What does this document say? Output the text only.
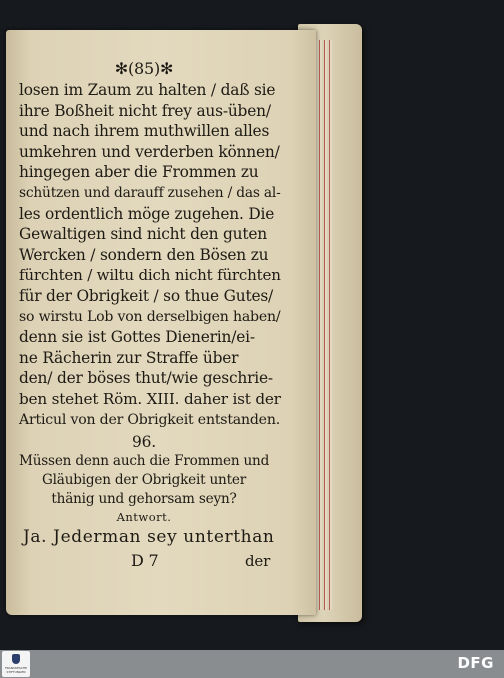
✻(85)✻
losen im Zaum zu halten / daß sie
ihre Boßheit nicht frey aus-üben/
und nach ihrem muthwillen alles
umkehren und verderben können/
hingegen aber die Frommen zu
schützen und darauff zusehen / das al-
les ordentlich möge zugehen. Die
Gewaltigen sind nicht den guten
Wercken / sondern den Bösen zu
fürchten / wiltu dich nicht fürchten
für der Obrigkeit / so thue Gutes/
so wirstu Lob von derselbigen haben/
denn sie ist Gottes Dienerin/ei-
ne Rächerin zur Straffe über
den/ der böses thut/wie geschrie-
ben stehet Röm. XIII. daher ist der
Articul von der Obrigkeit entstanden.
96.
Müssen denn auch die Frommen und
Gläubigen der Obrigkeit unter
thänig und gehorsam seyn?
Antwort.
Ja. Jederman sey unterthan
D 7	der
FRANCKESCHE STIFTUNGEN	DFG
